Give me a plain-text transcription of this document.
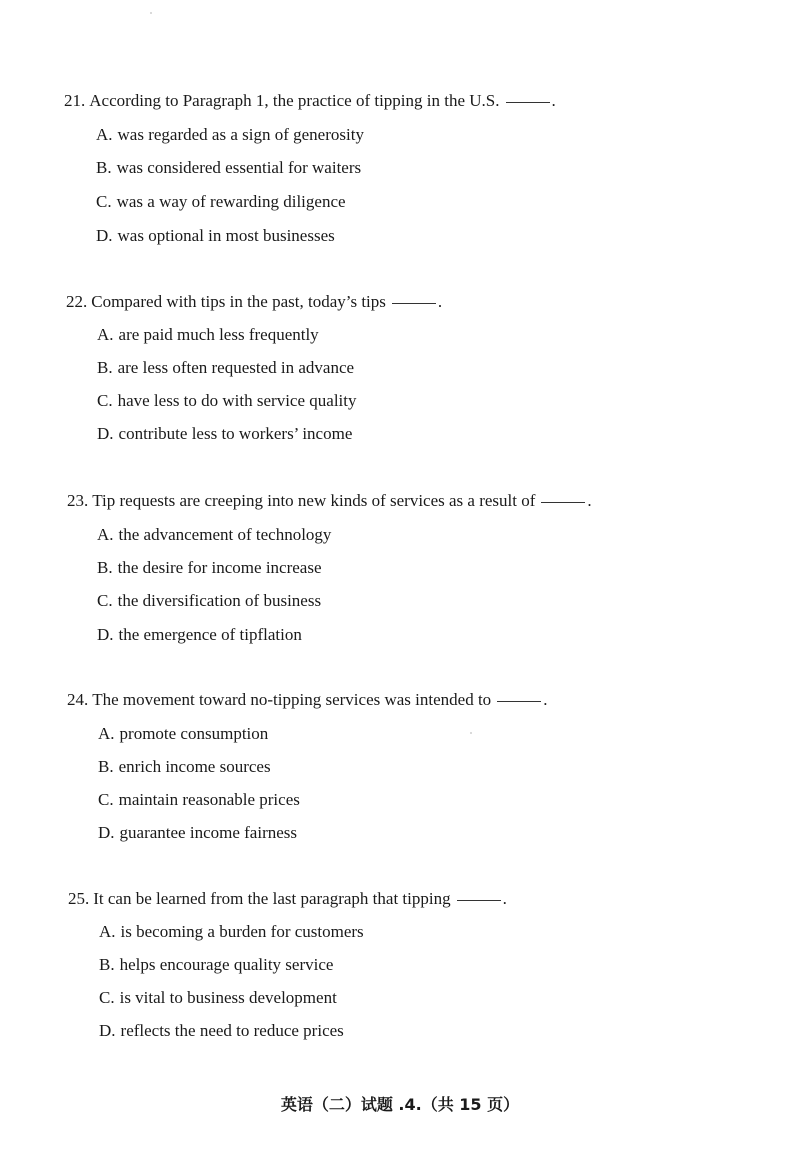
21. According to Paragraph 1, the practice of tipping in the U.S.	.
A. was regarded as a sign of generosity
B. was considered essential for waiters
C. was a way of rewarding diligence
D. was optional in most businesses
22. Compared with tips in the past, today’s tips	.
A. are paid much less frequently
B. are less often requested in advance
C. have less to do with service quality
D. contribute less to workers’ income
23. Tip requests are creeping into new kinds of services as a result of	.
A. the advancement of technology
B. the desire for income increase
C. the diversification of business
D. the emergence of tipflation
24. The movement toward no-tipping services was intended to	.
A. promote consumption
B. enrich income sources
C. maintain reasonable prices
D. guarantee income fairness
25. It can be learned from the last paragraph that tipping	.
A. is becoming a burden for customers
B. helps encourage quality service
C. is vital to business development
D. reflects the need to reduce prices
英语（二）试题 .4.（共 15 页）
